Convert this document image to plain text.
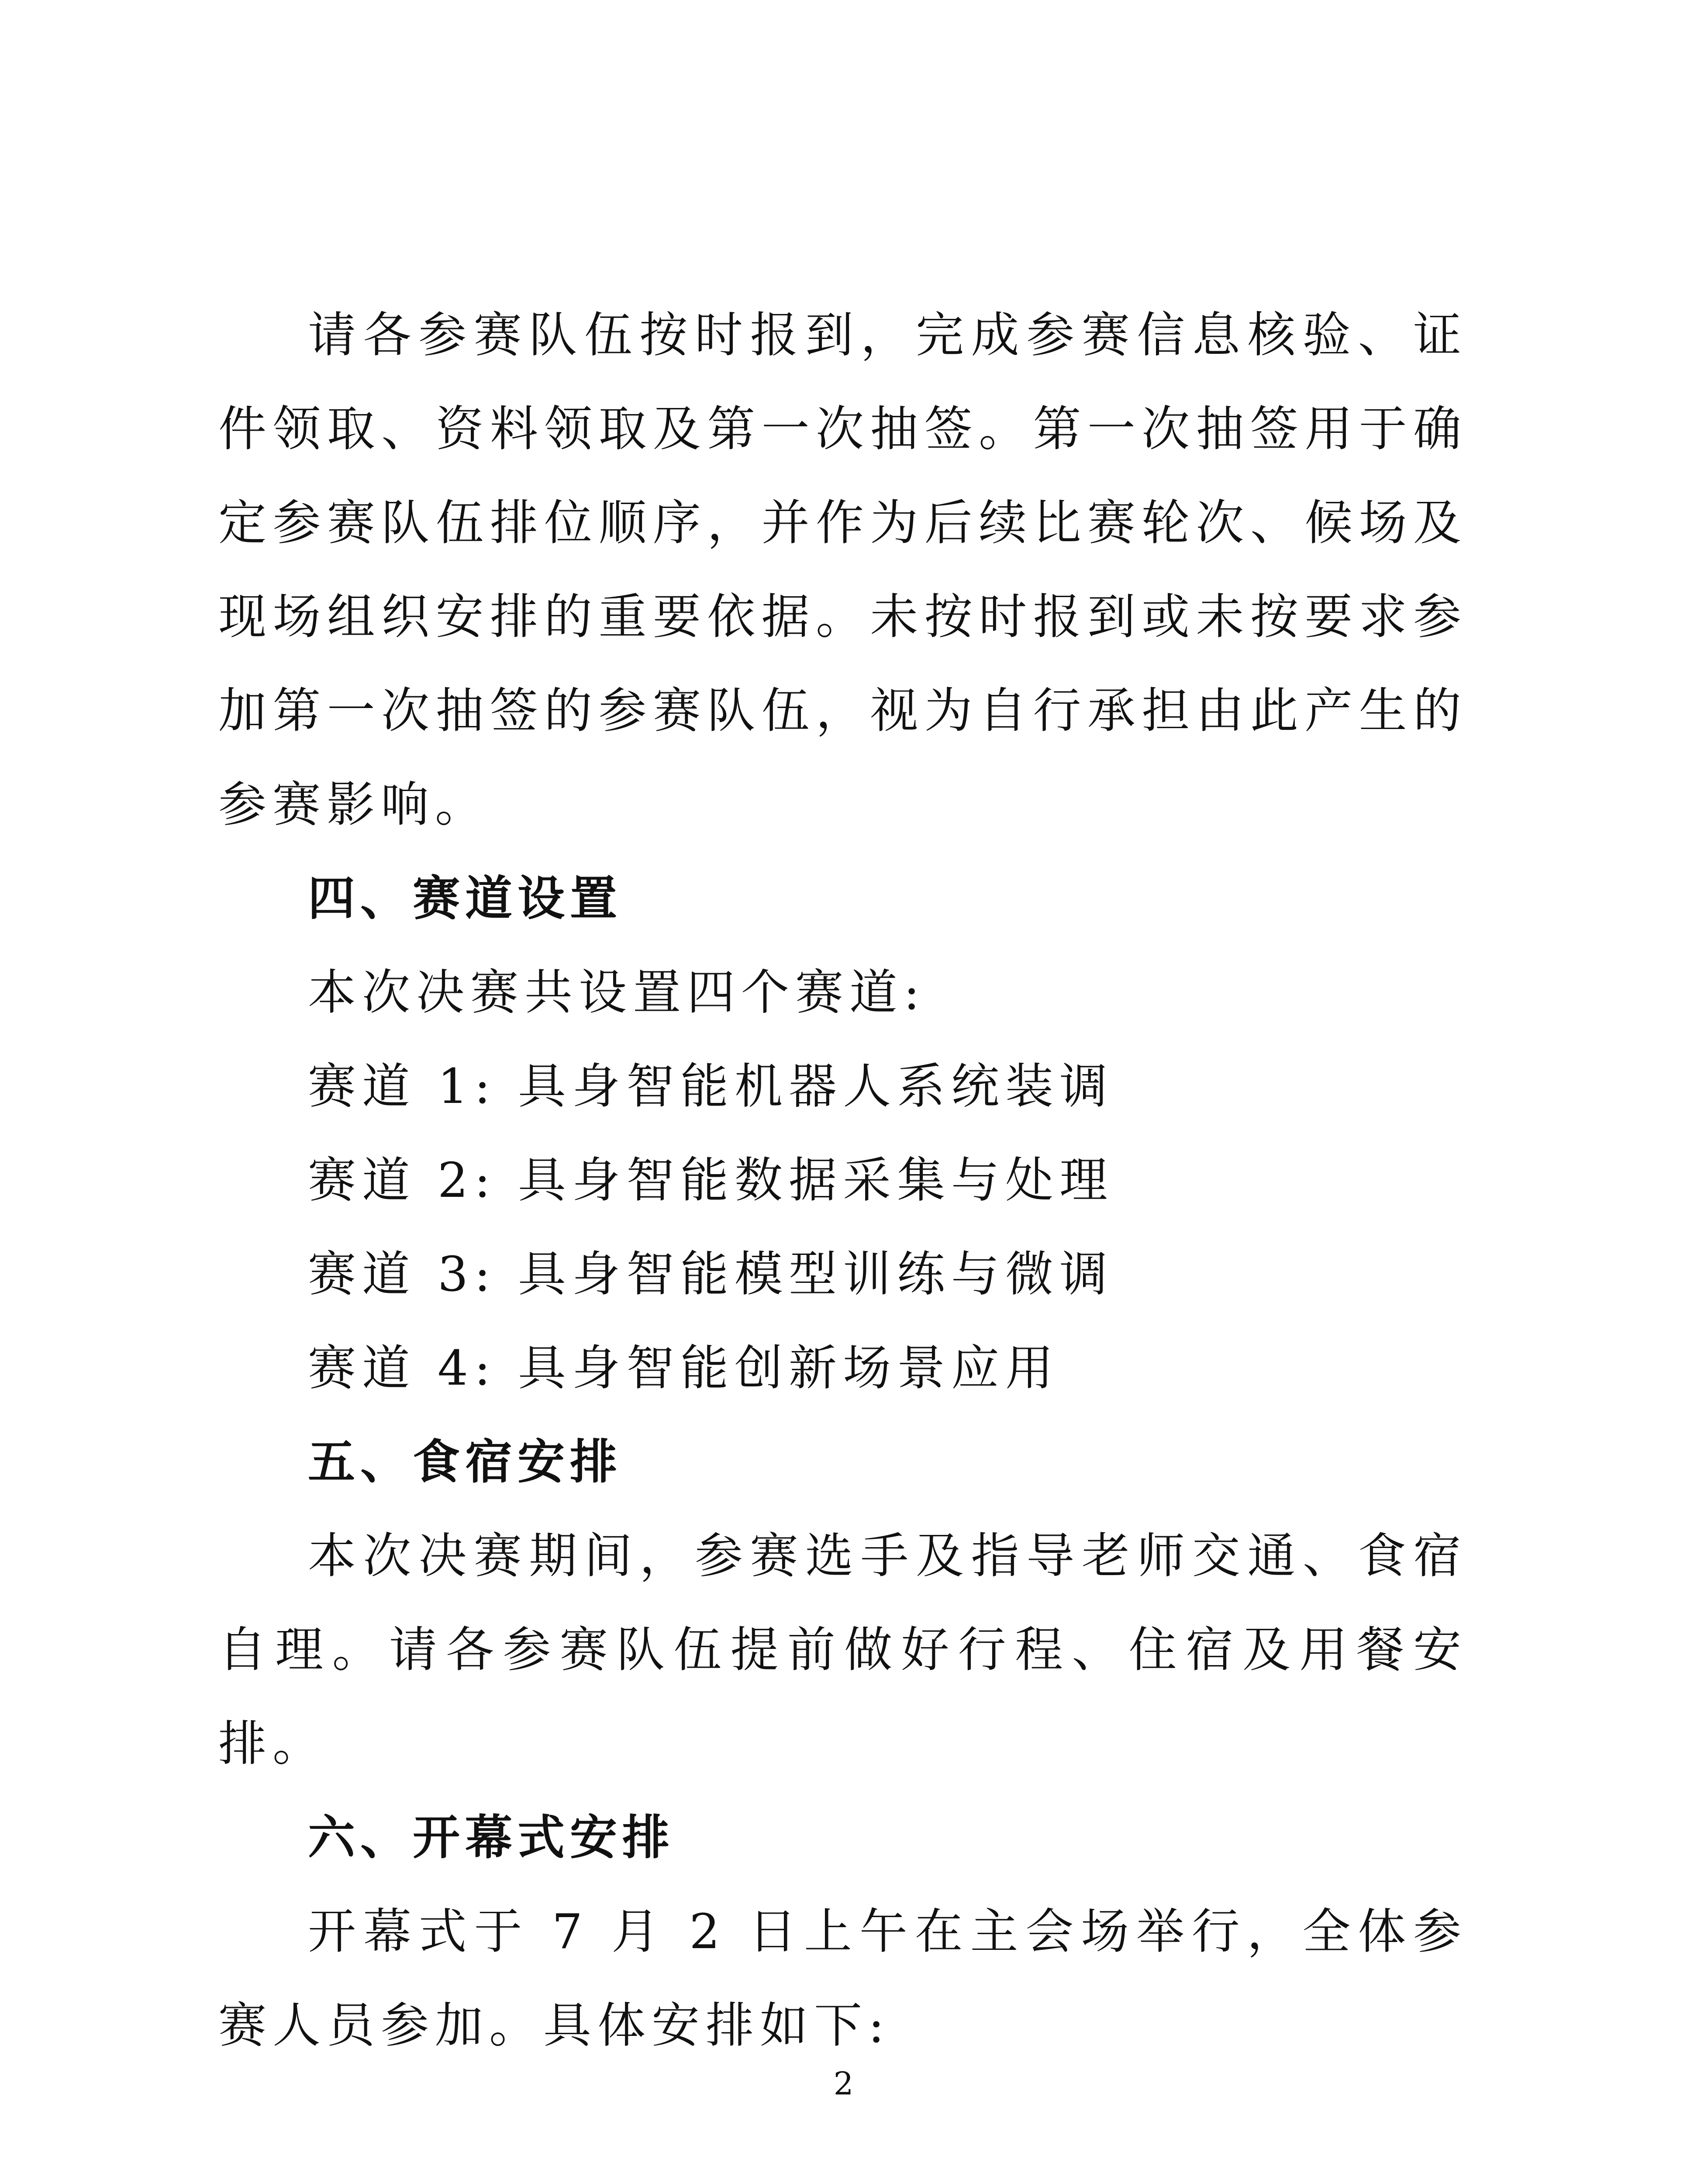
请各参赛队伍按时报到，完成参赛信息核验、证件领取、资料领取及第一次抽签。第一次抽签用于确定参赛队伍排位顺序，并作为后续比赛轮次、候场及现场组织安排的重要依据。未按时报到或未按要求参加第一次抽签的参赛队伍，视为自行承担由此产生的参赛影响。

四、赛道设置

本次决赛共设置四个赛道:

赛道 1: 具身智能机器人系统装调

赛道 2: 具身智能数据采集与处理

赛道 3: 具身智能模型训练与微调

赛道 4: 具身智能创新场景应用

五、食宿安排

本次决赛期间，参赛选手及指导老师交通、食宿自理。请各参赛队伍提前做好行程、住宿及用餐安排。

六、开幕式安排

开幕式于 7 月 2 日上午在主会场举行，全体参赛人员参加。具体安排如下:

2
